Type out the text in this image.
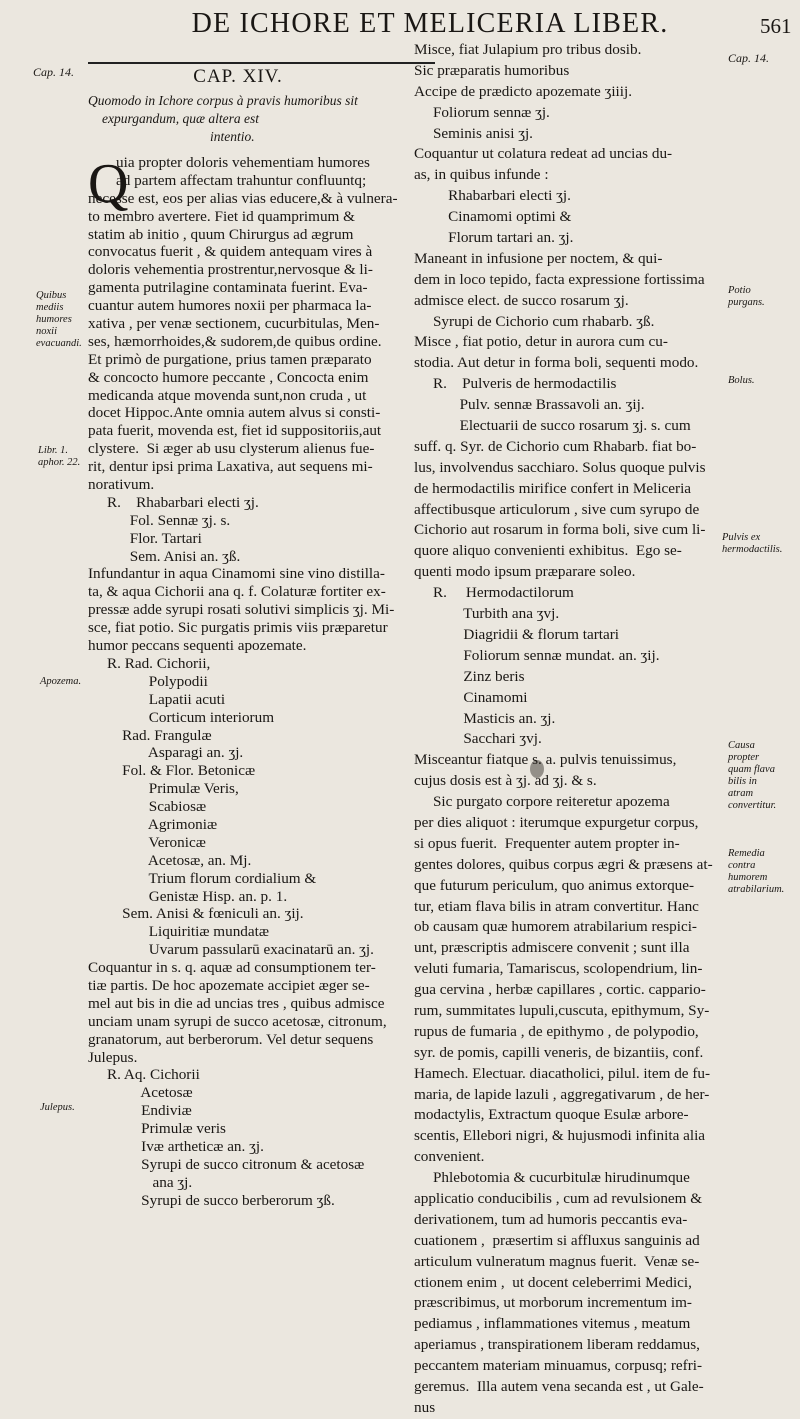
DE ICHORE ET MELICERIA LIBER.	561
Cap. 14.
Cap. 14.
Quibus mediis humores noxii evacuandi.
Libr. 1. aphor. 22.
Apozema.
Julepus.
Potio purgans.
Bolus.
Pulvis ex hermodactilis.
Causa propter quam flava bilis in atram convertitur.
Remedia contra humorem atrabilarium.
CAP. XIV.
Quomodo in Ichore corpus à pravis humoribus sit
expurgandum, quæ altera est
intentio.
Q
uia propter doloris vehementiam humores
ad partem affectam trahuntur confluuntq;
necesse est, eos per alias vias educere,& à vulnera-
to membro avertere. Fiet id quamprimum &
statim ab initio , quum Chirurgus ad ægrum
convocatus fuerit , & quidem antequam vires à
doloris vehementia prostrentur,nervosque & li-
gamenta putrilagine contaminata fuerint. Eva-
cuantur autem humores noxii per pharmaca la-
xativa , per venæ sectionem, cucurbitulas, Men-
ses, hæmorrhoides,& sudorem,de quibus ordine.
Et primò de purgatione, prius tamen præparato
& concocto humore peccante , Concocta enim
medicanda atque movenda sunt,non cruda , ut
docet Hippoc.Ante omnia autem alvus si consti-
pata fuerit, movenda est, fiet id suppositoriis,aut
clystere.  Si æger ab usu clysterum alienus fue-
rit, dentur ipsi prima Laxativa, aut sequens mi-
norativum.
R.    Rhabarbari electi ʒj.
Fol. Sennæ ʒj. s.
Flor. Tartari
Sem. Anisi an. ʒß.
Infundantur in aqua Cinamomi sine vino distilla-
ta, & aqua Cichorii ana q. f. Colaturæ fortiter ex-
pressæ adde syrupi rosati solutivi simplicis ʒj. Mi-
sce, fiat potio. Sic purgatis primis viis præparetur
humor peccans sequenti apozemate.
R. Rad. Cichorii,
Polypodii
Lapatii acuti
Corticum interiorum
Rad. Frangulæ
Asparagi an. ʒj.
Fol. & Flor. Betonicæ
Primulæ Veris,
Scabiosæ
Agrimoniæ
Veronicæ
Acetosæ, an. Mj.
Trium florum cordialium &
Genistæ Hisp. an. p. 1.
Sem. Anisi & fœniculi an. ʒij.
Liquiritiæ mundatæ
Uvarum passularū exacinatarū an. ʒj.
Coquantur in s. q. aquæ ad consumptionem ter-
tiæ partis. De hoc apozemate accipiet æger se-
mel aut bis in die ad uncias tres , quibus admisce
unciam unam syrupi de succo acetosæ, citronum,
granatorum, aut berberorum. Vel detur sequens
Julepus.
R. Aq. Cichorii
Acetosæ
Endiviæ
Primulæ veris
Ivæ artheticæ an. ʒj.
Syrupi de succo citronum & acetosæ
ana ʒj.
Syrupi de succo berberorum ʒß.
Misce, fiat Julapium pro tribus dosib.
Sic præparatis humoribus
Accipe de prædicto apozemate ʒiiij.
Foliorum sennæ ʒj.
Seminis anisi ʒj.
Coquantur ut colatura redeat ad uncias du-
as, in quibus infunde :
Rhabarbari electi ʒj.
Cinamomi optimi &
Florum tartari an. ʒj.
Maneant in infusione per noctem, & qui-
dem in loco tepido, facta expressione fortissima
admisce elect. de succo rosarum ʒj.
Syrupi de Cichorio cum rhabarb. ʒß.
Misce , fiat potio, detur in aurora cum cu-
stodia. Aut detur in forma boli, sequenti modo.
R.    Pulveris de hermodactilis
Pulv. sennæ Brassavoli an. ʒij.
Electuarii de succo rosarum ʒj. s. cum
suff. q. Syr. de Cichorio cum Rhabarb. fiat bo-
lus, involvendus sacchiaro. Solus quoque pulvis
de hermodactilis mirifice confert in Meliceria
affectibusque articulorum , sive cum syrupo de
Cichorio aut rosarum in forma boli, sive cum li-
quore aliquo convenienti exhibitus.  Ego se-
quenti modo ipsum præparare soleo.
R.     Hermodactilorum
Turbith ana ʒvj.
Diagridii & florum tartari
Foliorum sennæ mundat. an. ʒij.
Zinz beris
Cinamomi
Masticis an. ʒj.
Sacchari ʒvj.
Misceantur fiatque s. a. pulvis tenuissimus,
cujus dosis est à ʒj. ad ʒj. & s.
Sic purgato corpore reiteretur apozema
per dies aliquot : iterumque expurgetur corpus,
si opus fuerit.  Frequenter autem propter in-
gentes dolores, quibus corpus ægri & præsens at-
que futurum periculum, quo animus extorque-
tur, etiam flava bilis in atram convertitur. Hanc
ob causam quæ humorem atrabilarium respici-
unt, præscriptis admiscere convenit ; sunt illa
veluti fumaria, Tamariscus, scolopendrium, lin-
gua cervina , herbæ capillares , cortic. cappario-
rum, summitates lupuli,cuscuta, epithymum, Sy-
rupus de fumaria , de epithymo , de polypodio,
syr. de pomis, capilli veneris, de bizantiis, conf.
Hamech. Electuar. diacatholici, pilul. item de fu-
maria, de lapide lazuli , aggregativarum , de her-
modactylis, Extractum quoque Esulæ arbore-
scentis, Ellebori nigri, & hujusmodi infinita alia
convenient.
Phlebotomia & cucurbitulæ hirudinumque
applicatio conducibilis , cum ad revulsionem &
derivationem, tum ad humoris peccantis eva-
cuationem ,  præsertim si affluxus sanguinis ad
articulum vulneratum magnus fuerit.  Venæ se-
ctionem enim ,  ut docent celeberrimi Medici,
præscribimus, ut morborum incrementum im-
pediamus , inflammationes vitemus , meatum
aperiamus , transpirationem liberam reddamus,
peccantem materiam minuamus, corpusq; refri-
geremus.  Illa autem vena secanda est , ut Gale-
nus
